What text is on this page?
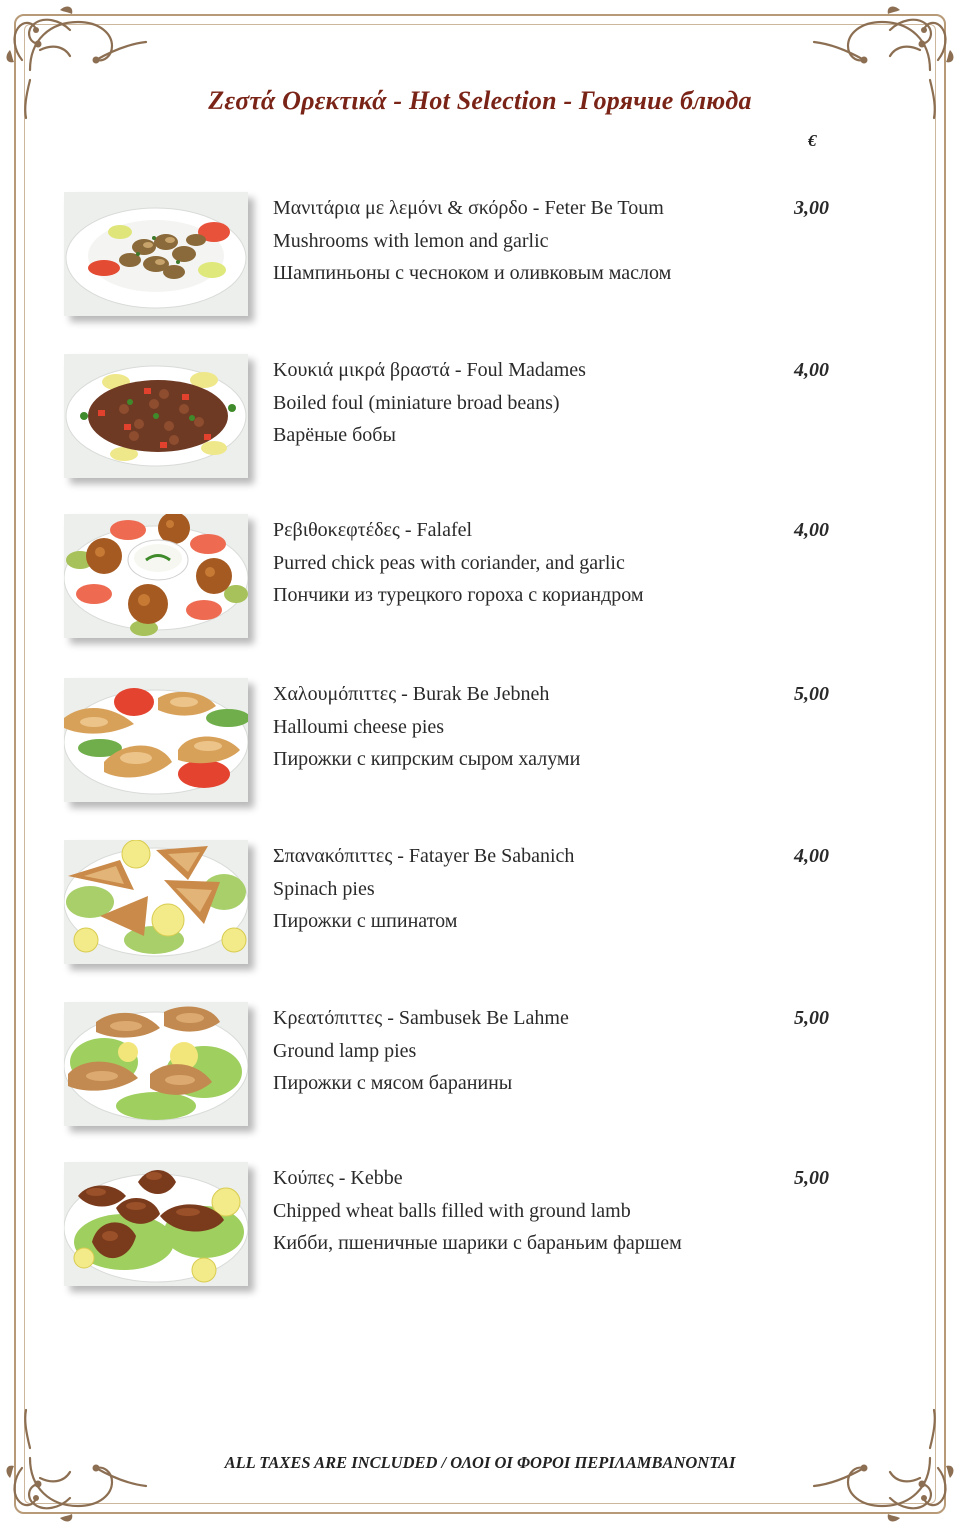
Ζεστά Ορεκτικά - Hot Selection - Горячие блюда
€
Μανιτάρια με λεμόνι & σκόρδο - Feter Be Toum
Mushrooms with lemon and garlic
Шампиньоны с чесноком и оливковым маслом
3,00
Κουκιά μικρά βραστά - Foul Madames
Boiled foul (miniature broad beans)
Варёные бобы
4,00
Ρεβιθοκεφτέδες - Falafel
Purred chick peas with coriander, and garlic
Пончики из турецкого гороха с кориандром
4,00
Χαλουμόπιττες - Burak Be Jebneh
Halloumi cheese pies
Пирожки с кипрским сыром халуми
5,00
Σπανακόπιττες - Fatayer Be Sabanich
Spinach pies
Пирожки с шпинатом
4,00
Κρεατόπιττες - Sambusek Be Lahme
Ground lamp pies
Пирожки с мясом баранины
5,00
Κούπες - Kebbe
Chipped wheat balls filled with ground lamb
Кибби, пшеничные шарики с бараньим фаршем
5,00
ALL TAXES ARE INCLUDED / ΟΛΟΙ ΟΙ ΦΟΡΟΙ ΠΕΡΙΛΑΜΒΑΝΟΝΤΑΙ
